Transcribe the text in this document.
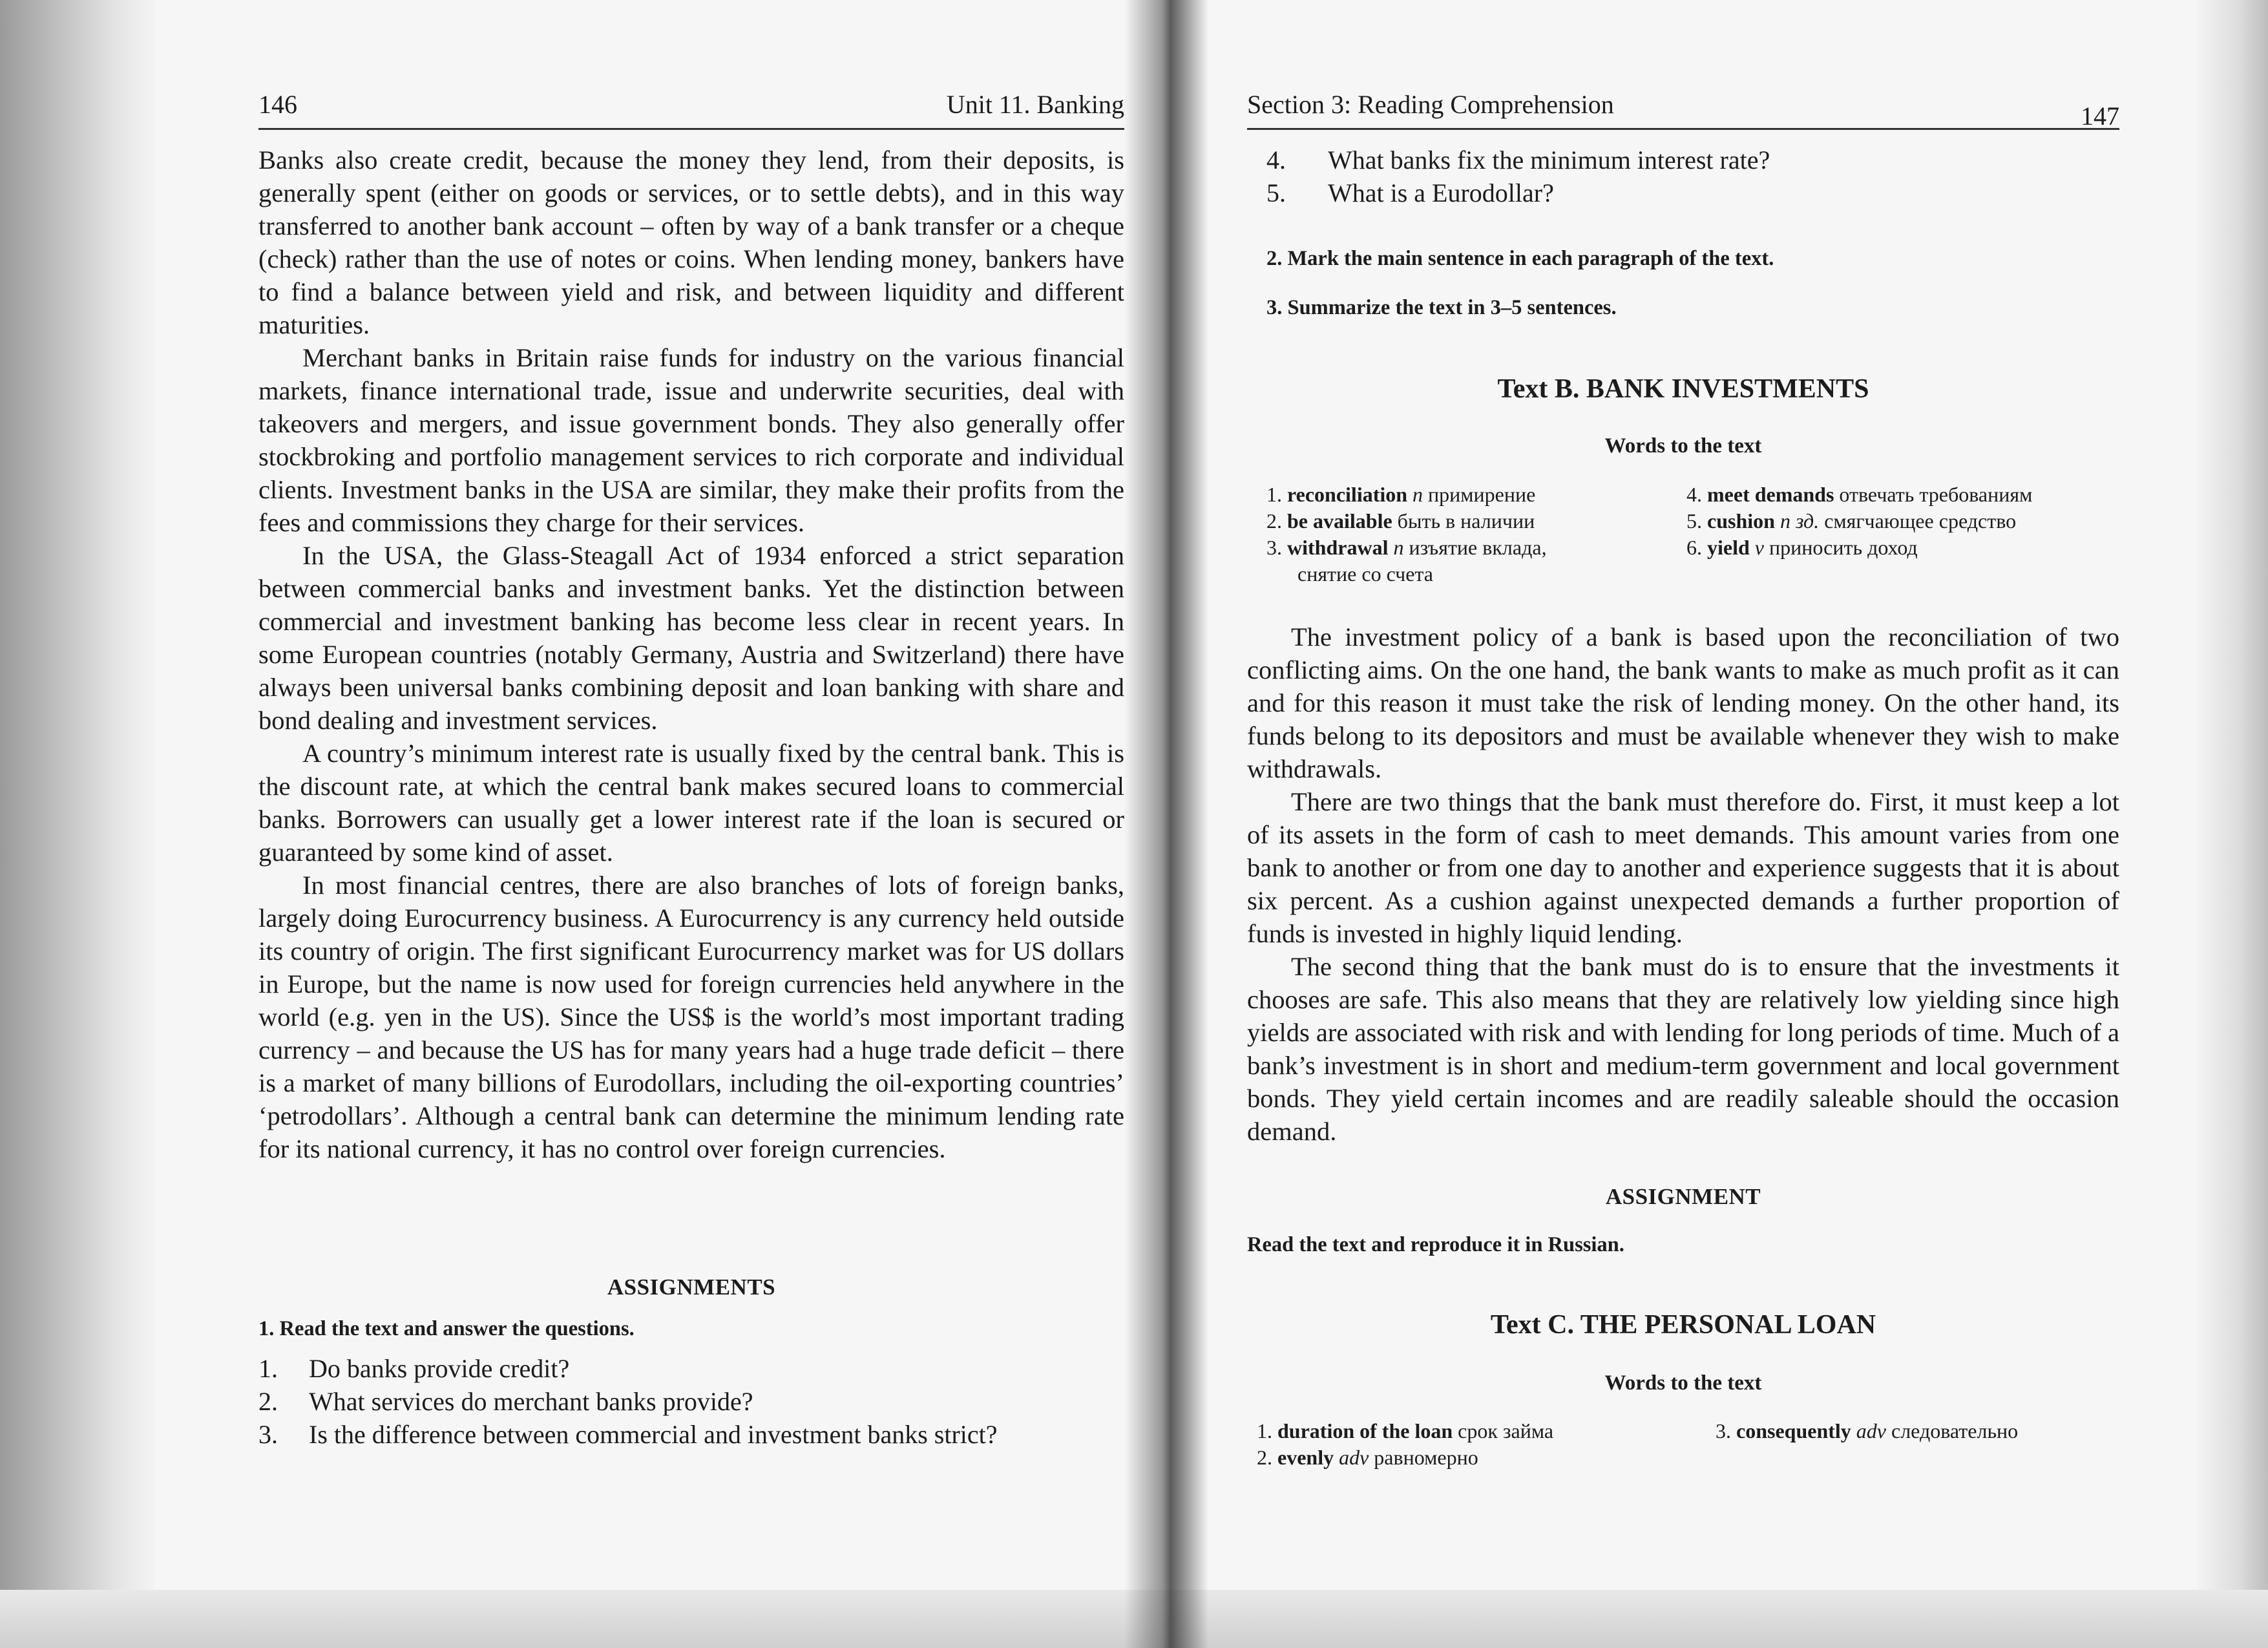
146	Unit 11. Banking

Banks also create credit, because the money they lend, from their deposits, is generally spent (either on goods or services, or to settle debts), and in this way transferred to another bank account – often by way of a bank transfer or a cheque (check) rather than the use of notes or coins. When lending money, bankers have to find a balance between yield and risk, and between liquidity and different maturities.

Merchant banks in Britain raise funds for industry on the various financial markets, finance international trade, issue and underwrite securities, deal with takeovers and mergers, and issue government bonds. They also generally offer stockbroking and portfolio management services to rich corporate and individual clients. Investment banks in the USA are similar, they make their profits from the fees and commissions they charge for their services.

In the USA, the Glass-Steagall Act of 1934 enforced a strict separation between commercial banks and investment banks. Yet the distinction between commercial and investment banking has become less clear in recent years. In some European countries (notably Germany, Austria and Switzerland) there have always been universal banks combining deposit and loan banking with share and bond dealing and investment services.

A country’s minimum interest rate is usually fixed by the central bank. This is the discount rate, at which the central bank makes secured loans to commercial banks. Borrowers can usually get a lower interest rate if the loan is secured or guaranteed by some kind of asset.

In most financial centres, there are also branches of lots of foreign banks, largely doing Eurocurrency business. A Eurocurrency is any currency held outside its country of origin. The first significant Eurocurrency market was for US dollars in Europe, but the name is now used for foreign currencies held anywhere in the world (e.g. yen in the US). Since the US$ is the world’s most important trading currency – and because the US has for many years had a huge trade deficit – there is a market of many billions of Eurodollars, including the oil-exporting countries’ ‘petrodollars’. Although a central bank can determine the minimum lending rate for its national currency, it has no control over foreign currencies.

ASSIGNMENTS
1. Read the text and answer the questions.
1.	Do banks provide credit?
2.	What services do merchant banks provide?
3.	Is the difference between commercial and investment banks strict?
Section 3: Reading Comprehension	147
4.	What banks fix the minimum interest rate?
5.	What is a Eurodollar?
2. Mark the main sentence in each paragraph of the text.
3. Summarize the text in 3–5 sentences.
Text B. BANK INVESTMENTS
Words to the text
1. reconciliation n примирение
2. be available быть в наличии
3. withdrawal n изъятие вклада,
снятие со счета
4. meet demands отвечать требованиям
5. cushion n зд. смягчающее средство
6. yield v приносить доход

The investment policy of a bank is based upon the reconciliation of two conflicting aims. On the one hand, the bank wants to make as much profit as it can and for this reason it must take the risk of lending money. On the other hand, its funds belong to its depositors and must be available whenever they wish to make withdrawals.

There are two things that the bank must therefore do. First, it must keep a lot of its assets in the form of cash to meet demands. This amount varies from one bank to another or from one day to another and experience suggests that it is about six percent. As a cushion against unexpected demands a further proportion of funds is invested in highly liquid lending.

The second thing that the bank must do is to ensure that the investments it chooses are safe. This also means that they are relatively low yielding since high yields are associated with risk and with lending for long periods of time. Much of a bank’s investment is in short and medium-term government and local government bonds. They yield certain incomes and are readily saleable should the occasion demand.

ASSIGNMENT
Read the text and reproduce it in Russian.
Text C. THE PERSONAL LOAN
Words to the text
1. duration of the loan срок займа
2. evenly adv равномерно
3. consequently adv следовательно
